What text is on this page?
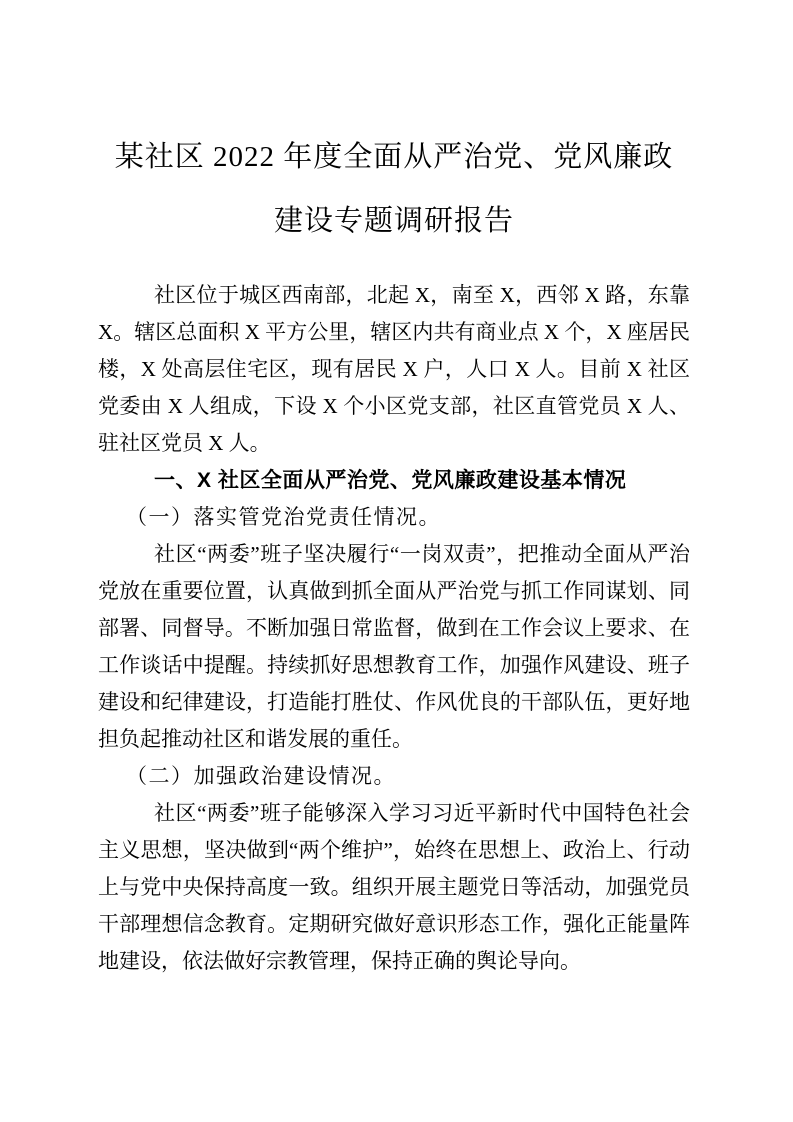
某社区 2022 年度全面从严治党、党风廉政
建设专题调研报告

社区位于城区西南部，北起 X，南至 X，西邻 X 路，东靠 X。辖区总面积 X 平方公里，辖区内共有商业点 X 个，X 座居民楼，X 处高层住宅区，现有居民 X 户，人口 X 人。目前 X 社区党委由 X 人组成，下设 X 个小区党支部，社区直管党员 X 人、驻社区党员 X 人。

一、X 社区全面从严治党、党风廉政建设基本情况
（一）落实管党治党责任情况。

社区“两委”班子坚决履行“一岗双责”，把推动全面从严治党放在重要位置，认真做到抓全面从严治党与抓工作同谋划、同部署、同督导。不断加强日常监督，做到在工作会议上要求、在工作谈话中提醒。持续抓好思想教育工作，加强作风建设、班子建设和纪律建设，打造能打胜仗、作风优良的干部队伍，更好地担负起推动社区和谐发展的重任。

（二）加强政治建设情况。

社区“两委”班子能够深入学习习近平新时代中国特色社会主义思想，坚决做到“两个维护”，始终在思想上、政治上、行动上与党中央保持高度一致。组织开展主题党日等活动，加强党员干部理想信念教育。定期研究做好意识形态工作，强化正能量阵地建设，依法做好宗教管理，保持正确的舆论导向。
